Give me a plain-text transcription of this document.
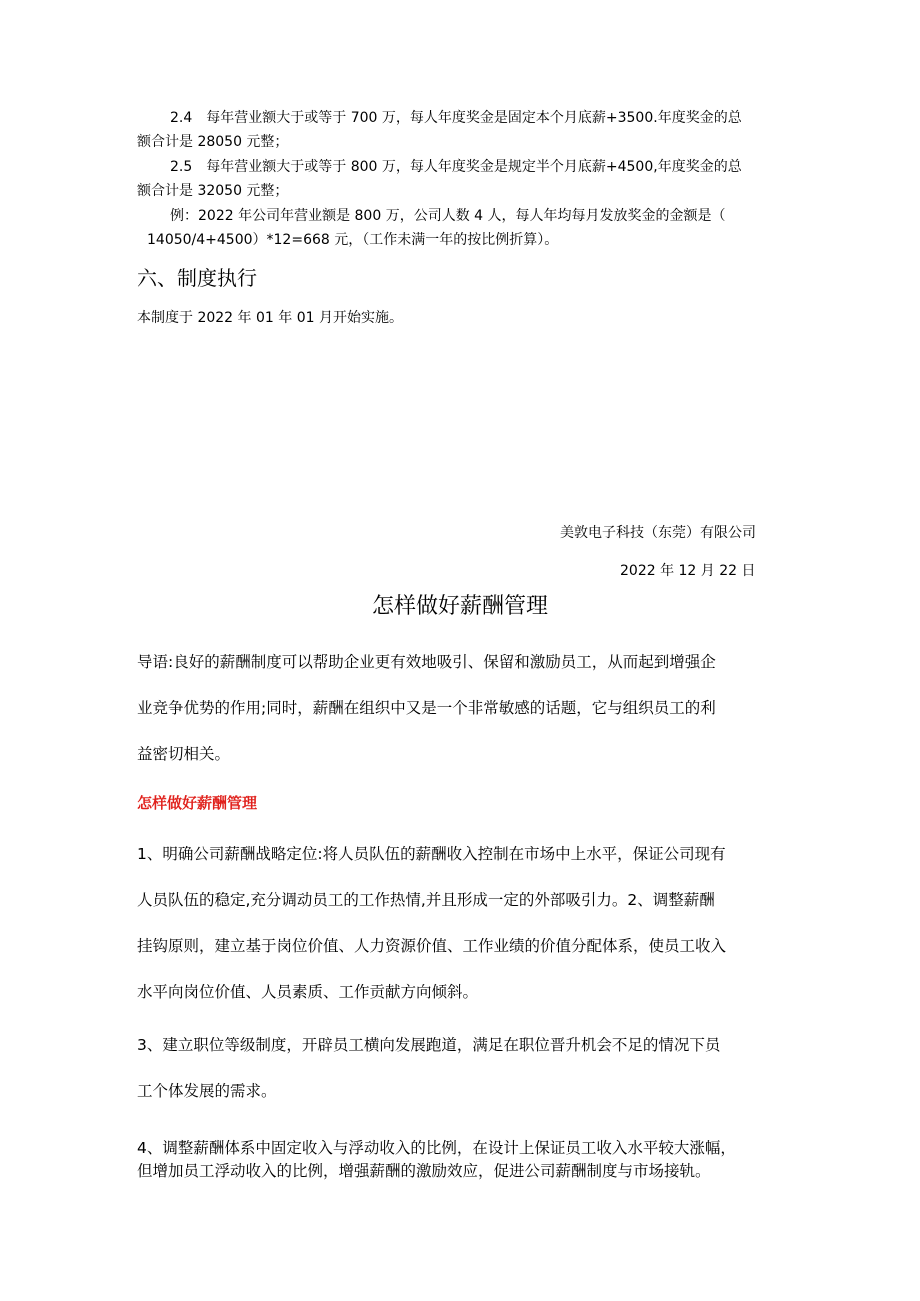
2.4　每年营业额大于或等于 700 万，每人年度奖金是固定本个月底薪+3500.年度奖金的总
额合计是 28050 元整；
2.5　每年营业额大于或等于 800 万，每人年度奖金是规定半个月底薪+4500,年度奖金的总
额合计是 32050 元整；
例：2022 年公司年营业额是 800 万，公司人数 4 人，每人年均每月发放奖金的金额是（
14050/4+4500）*12=668 元，（工作未满一年的按比例折算）。
六、制度执行
本制度于 2022 年 01 年 01 月开始实施。
美敦电子科技（东莞）有限公司
2022 年 12 月 22 日
怎样做好薪酬管理
导语:良好的薪酬制度可以帮助企业更有效地吸引、保留和激励员工，从而起到增强企
业竞争优势的作用;同时，薪酬在组织中又是一个非常敏感的话题，它与组织员工的利
益密切相关。
怎样做好薪酬管理
1、明确公司薪酬战略定位:将人员队伍的薪酬收入控制在市场中上水平，保证公司现有
人员队伍的稳定,充分调动员工的工作热情,并且形成一定的外部吸引力。2、调整薪酬
挂钩原则，建立基于岗位价值、人力资源价值、工作业绩的价值分配体系，使员工收入
水平向岗位价值、人员素质、工作贡献方向倾斜。
3、建立职位等级制度，开辟员工横向发展跑道，满足在职位晋升机会不足的情况下员
工个体发展的需求。
4、调整薪酬体系中固定收入与浮动收入的比例，在设计上保证员工收入水平较大涨幅，
但增加员工浮动收入的比例，增强薪酬的激励效应，促进公司薪酬制度与市场接轨。
